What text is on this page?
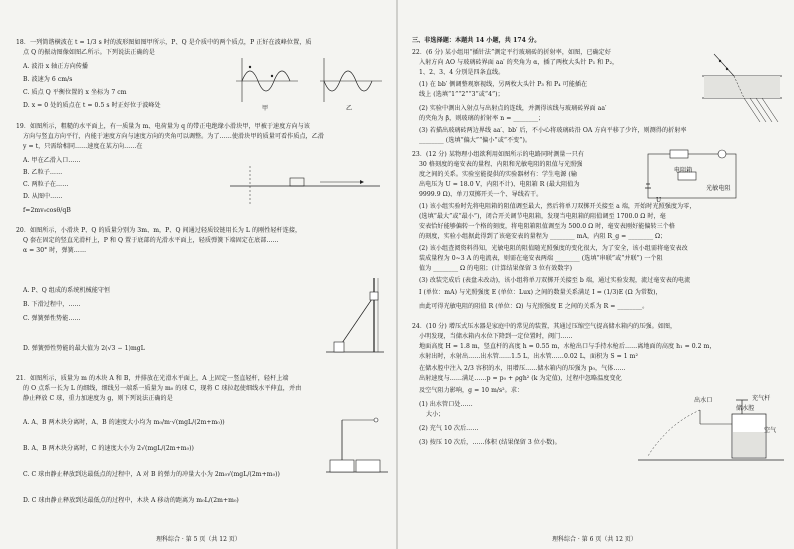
18．一列简谐横波在 t = 1/3 s 时的波形图如图甲所示，P、Q 是介质中的两个质点，P 正好在波峰位置，质
点 Q 的振动图像如图乙所示。下列说法正确的是
A. 波沿 x 轴正方向传播
B. 波速为 6 cm/s
C. 质点 Q 平衡位置的 x 坐标为 7 cm
D. x = 0 处的质点在 t = 0.5 s 时正好位于波峰处	甲	乙
19．如图所示，粗糙的水平面上，有一质量为 m、电荷量为 q 的带正电绝缘小滑块甲，甲被于速度方向与该
方向与竖直方向平行，内能于速度方向与速度方向的夹角可以调整。为了……使滑块甲的质量可看作质点，乙滑
y = t，只需给相同……速度在某方向……在
A. 甲在乙滑入口……
B. 乙粒子……
C. 两粒子在……
D. 从图中……
f=2mv₀cosθ/qB
20．如图所示，小滑块 P、Q 的质量分别为 3m、m，P、Q 间通过轻质铰链用长为 L 的刚性轻杆连接，
Q 套在固定的竖直光滑杆上，P 和 Q 置于底部的光滑水平面上，轻质弹簧下端固定在底部……
α = 30° 时，弹簧……
A. P、Q 组成的系统机械能守恒
B. 下滑过程中，……
C. 弹簧弹性势能……
D. 弹簧弹性势能的最大值为 2(√3 − 1)mgL
21．如图所示，质量为 m 的木块 A 和 B，并排放在光滑水平面上，A 上固定一竖直轻杆，轻杆上端
的 O 点系一长为 L 的细线，细线另一端系一质量为 m₀ 的球 C，现将 C 球拉起使细线水平伸直，并由
静止释放 C 球，重力加速度为 g，则下列说法正确的是
A. A、B 两木块分离时，A、B 的速度大小均为 m₀/m·√(mgL/(2m+m₀))
B. A、B 两木块分离时，C 的速度大小为 2√(mgL/(2m+m₀))
C. C 球由静止释放到达最低点的过程中，A 对 B 的弹力的冲量大小为 2m₀√(mgL/(2m+m₀))
D. C 球由静止释放到达最低点的过程中，木块 A 移动的距离为 m₀L/(2m+m₀)
理科综合 · 第 5 页（共 12 页）
三、非选择题：本题共 14 小题，共 174 分。
22．(6 分) 某小组用“插针法”测定平行玻璃砖的折射率，如图，已确定好
入射方向 AO 与玻璃砖界面 aa′ 的夹角为 α，插了两枚大头针 P₁ 和 P₂，
1、2、3、4 分别是四条直线。
(1) 在 bb′ 侧调整观察视线，另两枚大头针 P₃ 和 P₄ 可能插在
线上 (选填“1”“2”“3”或“4”)；
(2) 实验中测出入射点与出射点的连线，并测得该线与玻璃砖界面 aa′
的夹角为 β，则玻璃的折射率 n = ________；
(3) 若描出玻璃砖两边界线 aa′、bb′ 后，不小心将玻璃砖沿 OA 方向平移了少许，则测得的折射率
________ (选填“偏大”“偏小”或“不变”)。
23．(12 分) 某物理小组欲利用如图所示的电路同时测量一只有
30 格刻度的毫安表的量程、内阻和光敏电阻的阻值与光照强
度之间的关系。实验室能提供的实验器材有：学生电源 (输
出电压为 U = 18.0 V，内阻不计)、电阻箱 R (最大阻值为
9999.9 Ω)、单刀双掷开关一个、导线若干。
(1) 该小组实验时先将电阻箱的阻值调至最大，然后将单刀双掷开关接至 a 端，开始时光照强度为零，
(选填“最大”或“最小”)，闭合开关调节电阻箱，发现当电阻箱的阻值调至 1700.0 Ω 时，毫
安表恰好能够偏转一个格的刻度，将电阻箱阻值调至为 500.0 Ω 时，毫安表刚好能偏转三个格
的刻度，实验小组据此得到了该毫安表的量程为 ________ mA，内阻 R_g = ________ Ω；
(2) 该小组查阅资料得知，光敏电阻的阻值随光照强度的变化很大，为了安全，该小组需将毫安表改
装成量程为 0~3 A 的电流表，则需在毫安表两端 ________ (选填“串联”或“并联”) 一个阻
值为 ________ Ω 的电阻；(计算结果保留 3 位有效数字)
(3) 改装完成后 (表盘未改动)，该小组将单刀双掷开关接至 b 端，通过实验发现，流过毫安表的电流
I (单位：mA) 与光照强度 E (单位：Lux) 之间的数量关系满足 I = (1/3)E (Ω 为常数)，
由此可得光敏电阻的阻值 R (单位：Ω) 与光照强度 E 之间的关系为 R = ________。
电阻箱
光敏电阻
U
24．(10 分) 增压式压水器是家庭中的常见的装置，其通过压缩空气提高储水箱内的压强。如图，
小明发现，当储水箱内水位下降到一定位置时，阀门……
地面高度 H = 1.8 m，竖直杆的高度 h = 0.55 m，水枪出口与手持水枪后……离地面的高度 h₁ = 0.2 m，
水射出时，水射出……出水管……1.5 L，出水管……0.02 L，面积为 S = 1 m²
在储水腔中注入 2/3 容积的水，用增压……储水箱内的压强为 p₀，气体……
出射速度与……满足……p = p₀ + ρgh² (k 为定值)，过程中忽略温度变化
及空气阻力影响，g = 10 m/s²。求：
(1) 出水管口处……
大小；
(2) 充气 10 次后……
(3) 按压 10 次后，……体积 (结果保留 3 位小数)。
出水口
储水腔
空气
充气杆
理科综合 · 第 6 页（共 12 页）
